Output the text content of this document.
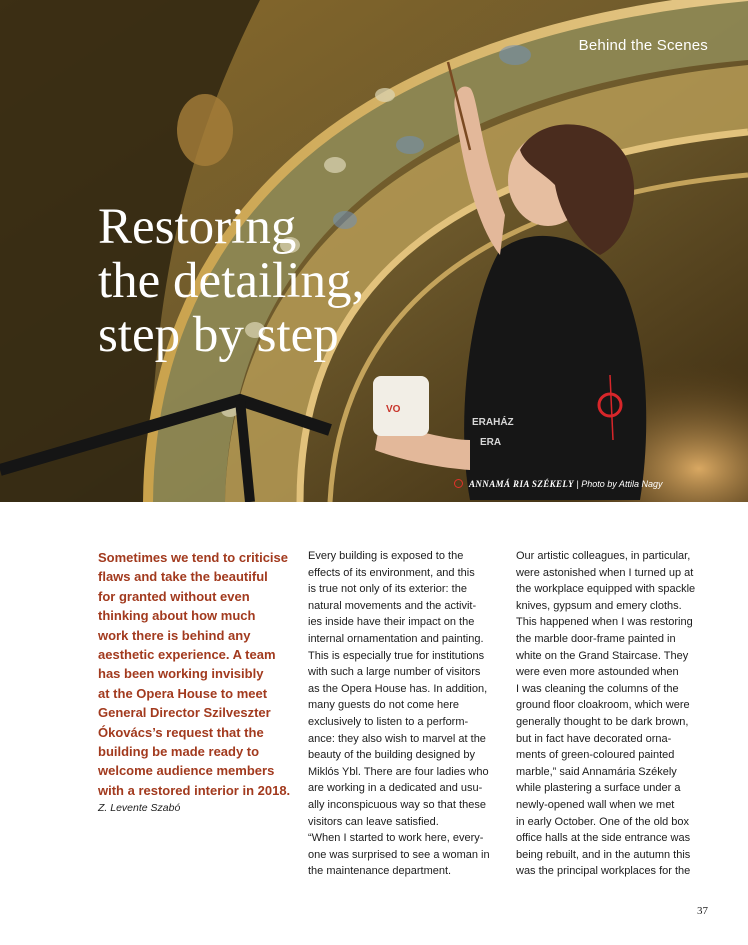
VO
ERAHÁZ
ERA
Behind the Scenes
Restoring
the detailing,
step by step
ANNAMÁ RIA SZÉKELY | Photo by Attila Nagy
Sometimes we tend to criticise
flaws and take the beautiful
for granted without even
thinking about how much
work there is behind any
aesthetic experience. A team
has been working invisibly
at the Opera House to meet
General Director Szilveszter
Ókovács’s request that the
building be made ready to
welcome audience members
with a restored interior in 2018.
Z. Levente Szabó
Every building is exposed to the
effects of its environment, and this
is true not only of its exterior: the
natural movements and the activit-
ies inside have their impact on the
internal ornamentation and painting.
This is especially true for institutions
with such a large number of visitors
as the Opera House has. In addition,
many guests do not come here
exclusively to listen to a perform-
ance: they also wish to marvel at the
beauty of the building designed by
Miklós Ybl. There are four ladies who
are working in a dedicated and usu-
ally inconspicuous way so that these
visitors can leave satisfied.
“When I started to work here, every-
one was surprised to see a woman in
the maintenance department.
Our artistic colleagues, in particular,
were astonished when I turned up at
the workplace equipped with spackle
knives, gypsum and emery cloths.
This happened when I was restoring
the marble door-frame painted in
white on the Grand Staircase. They
were even more astounded when
I was cleaning the columns of the
ground floor cloakroom, which were
generally thought to be dark brown,
but in fact have decorated orna-
ments of green-coloured painted
marble,” said Annamária Székely
while plastering a surface under a
newly-opened wall when we met
in early October. One of the old box
office halls at the side entrance was
being rebuilt, and in the autumn this
was the principal workplaces for the
37
